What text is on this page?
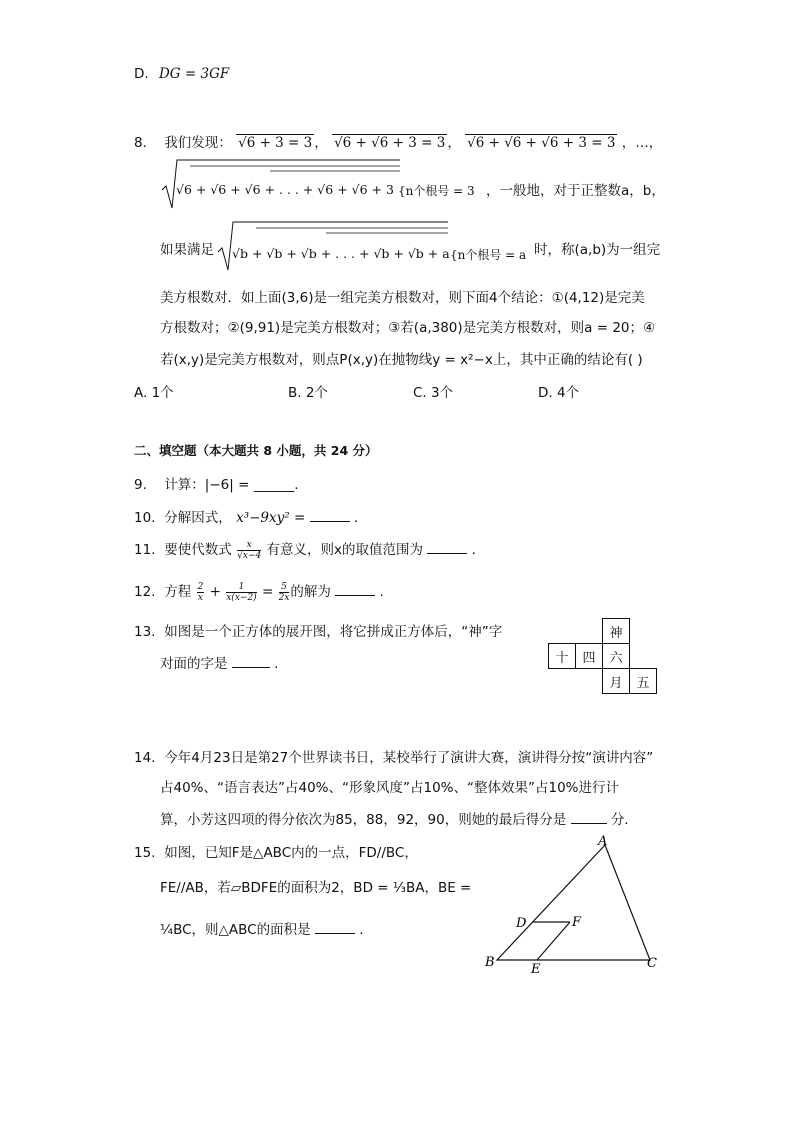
D. DG = 3GF
8. 我们发现： √6 + 3 = 3 ， √6 + √6 + 3 = 3 ， √6 + √6 + √6 + 3 = 3 ，…，
√6 + √6 + √6 + . . . + √6 + √6 + 3 {n个根号 = 3 ，一般地，对于正整数a，b，
如果满足 √b + √b + √b + . . . + √b + √b + a {n个根号 = a 时，称(a,b)为一组完
美方根数对．如上面(3,6)是一组完美方根数对，则下面4个结论：①(4,12)是完美
方根数对；②(9,91)是完美方根数对；③若(a,380)是完美方根数对，则a = 20；④
若(x,y)是完美方根数对，则点P(x,y)在抛物线y = x²−x上，其中正确的结论有( )
A. 1个	B. 2个	C. 3个	D. 4个
二、填空题（本大题共 8 小题，共 24 分）
9. 计算：|−6| = ______.
10. 分解因式， x³−9xy² =	.
11. 要使代数式 $\frac{x}{√x-4}$ 有意义，则x的取值范围为	.
12. 方程 $\frac{2}{x} + \frac{1}{x(x-2)} = \frac{5}{2x}$ 的解为	.
13. 如图是一个正方体的展开图，将它拼成正方体后，“神”字
对面的字是	.
		神	
十	四	六	
		月	五
14. 今年4月23日是第27个世界读书日，某校举行了演讲大赛，演讲得分按“演讲内容”
占40%、“语言表达”占40%、“形象风度”占10%、“整体效果”占10%进行计
算，小芳这四项的得分依次为85，88，92，90，则她的最后得分是	分．
15. 如图，已知F是△ABC内的一点，FD//BC，
FE//AB，若▱BDFE的面积为2，BD = ⅓BA，BE =
¼BC，则△ABC的面积是	.
A
B	C
D
E
F
